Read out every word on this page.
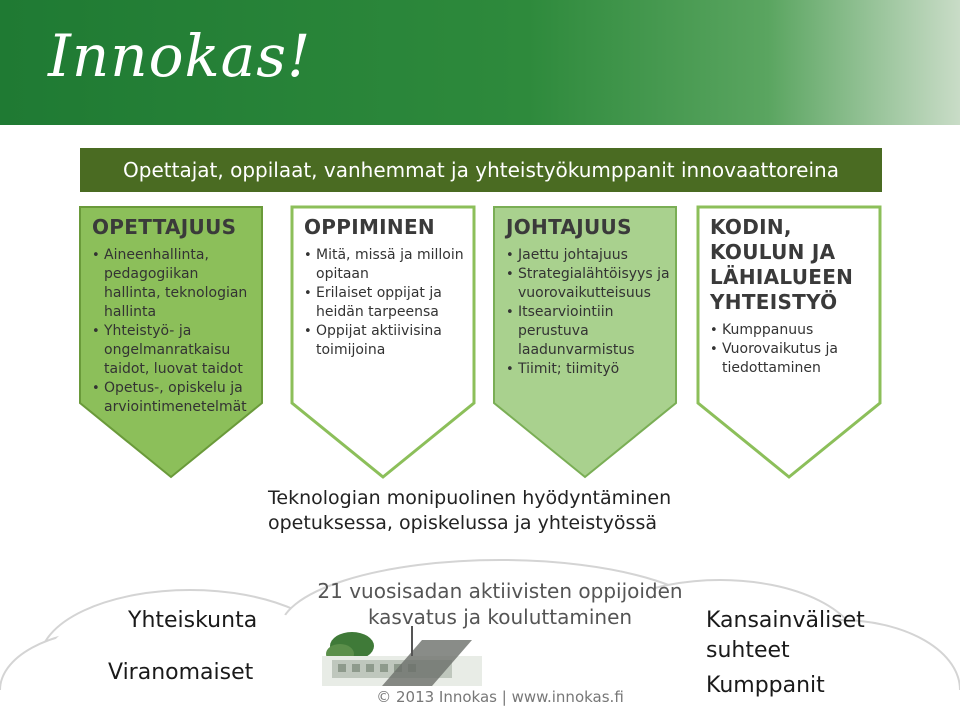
Innokas!
Opettajat, oppilaat, vanhemmat ja yhteistyökumppanit innovaattoreina
OPETTAJUUS
• Aineenhallinta, pedagogiikan hallinta, teknologian hallinta
• Yhteistyö- ja ongelmanratkaisu taidot, luovat taidot
• Opetus-, opiskelu ja arviointimenetelmät
OPPIMINEN
• Mitä, missä ja milloin opitaan
• Erilaiset oppijat ja heidän tarpeensa
• Oppijat aktiivisina toimijoina
JOHTAJUUS
• Jaettu johtajuus
• Strategialähtöisyys ja vuorovaikutteisuus
• Itsearviointiin perustuva laadunvarmistus
• Tiimit; tiimityö
KODIN, KOULUN JA LÄHIALUEEN YHTEISTYÖ
• Kumppanuus
• Vuorovaikutus ja tiedottaminen
Teknologian monipuolinen hyödyntäminen opetuksessa, opiskelussa ja yhteistyössä
Yhteiskunta
Viranomaiset
21 vuosisadan aktiivisten oppijoiden kasvatus ja kouluttaminen	Kansainväliset suhteet
Kumppanit
© 2013 Innokas | www.innokas.fi
